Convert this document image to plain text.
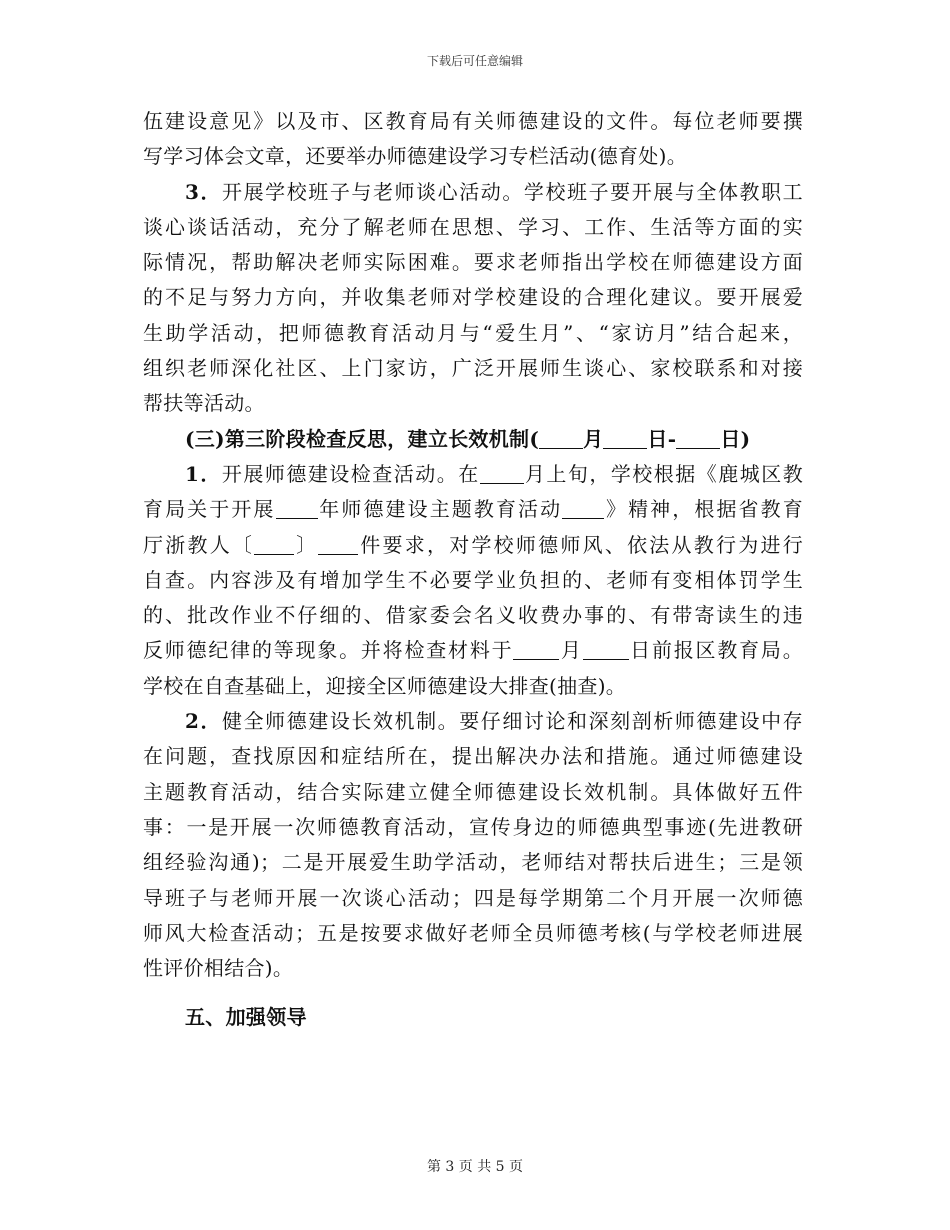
下载后可任意编辑
伍建设意见》以及市、区教育局有关师德建设的文件。每位老师要撰
写学习体会文章，还要举办师德建设学习专栏活动(德育处)。
3．开展学校班子与老师谈心活动。学校班子要开展与全体教职工
谈心谈话活动，充分了解老师在思想、学习、工作、生活等方面的实
际情况，帮助解决老师实际困难。要求老师指出学校在师德建设方面
的不足与努力方向，并收集老师对学校建设的合理化建议。要开展爱
生助学活动，把师德教育活动月与“爱生月”、“家访月”结合起来，
组织老师深化社区、上门家访，广泛开展师生谈心、家校联系和对接
帮扶等活动。
(三)第三阶段检查反思，建立长效机制( 月 日- 日)
1．开展师德建设检查活动。在 月上旬，学校根据《鹿城区教
育局关于开展 年师德建设主题教育活动 》精神，根据省教育
厅浙教人〔 〕 件要求，对学校师德师风、依法从教行为进行
自查。内容涉及有增加学生不必要学业负担的、老师有变相体罚学生
的、批改作业不仔细的、借家委会名义收费办事的、有带寄读生的违
反师德纪律的等现象。并将检查材料于 月 日前报区教育局。
学校在自查基础上，迎接全区师德建设大排查(抽查)。
2．健全师德建设长效机制。要仔细讨论和深刻剖析师德建设中存
在问题，查找原因和症结所在，提出解决办法和措施。通过师德建设
主题教育活动，结合实际建立健全师德建设长效机制。具体做好五件
事：一是开展一次师德教育活动，宣传身边的师德典型事迹(先进教研
组经验沟通)；二是开展爱生助学活动，老师结对帮扶后进生；三是领
导班子与老师开展一次谈心活动；四是每学期第二个月开展一次师德
师风大检查活动；五是按要求做好老师全员师德考核(与学校老师进展
性评价相结合)。
五、加强领导
第 3 页 共 5 页
